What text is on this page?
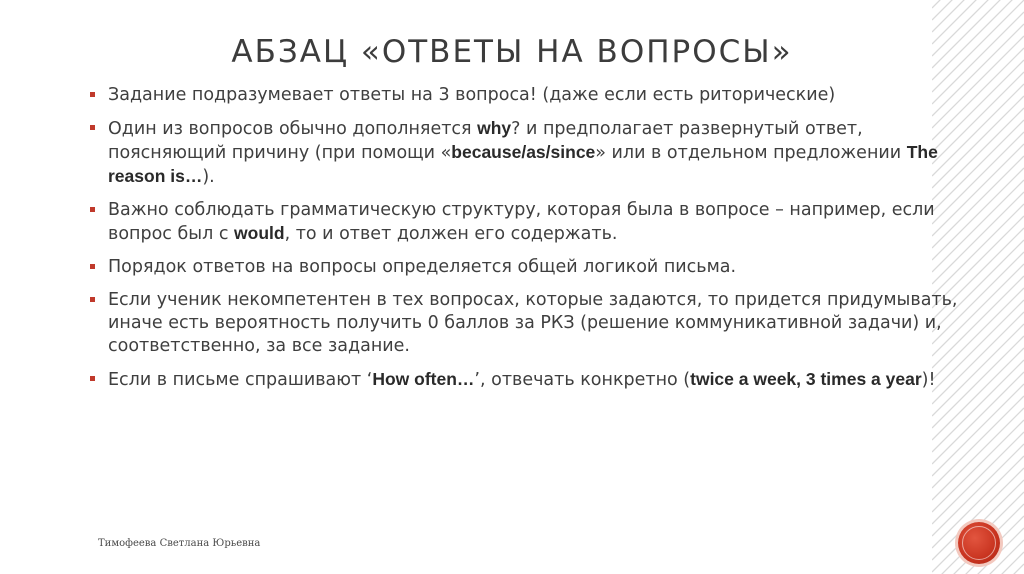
АБЗАЦ «ОТВЕТЫ НА ВОПРОСЫ»
Задание подразумевает ответы на 3 вопроса! (даже если есть риторические)
Один из вопросов обычно дополняется why? и предполагает развернутый ответ, поясняющий причину (при помощи «because/as/since» или в отдельном предложении The reason is…).
Важно соблюдать грамматическую структуру, которая была в вопросе – например, если вопрос был с would, то и ответ должен его содержать.
Порядок ответов на вопросы определяется общей логикой письма.
Если ученик некомпетентен в тех вопросах, которые задаются, то придется придумывать, иначе есть вероятность получить 0 баллов за РКЗ (решение коммуникативной задачи) и, соответственно, за все задание.
Если в письме спрашивают ‘How often…’, отвечать конкретно (twice a week, 3 times a year)!
Тимофеева Светлана Юрьевна
